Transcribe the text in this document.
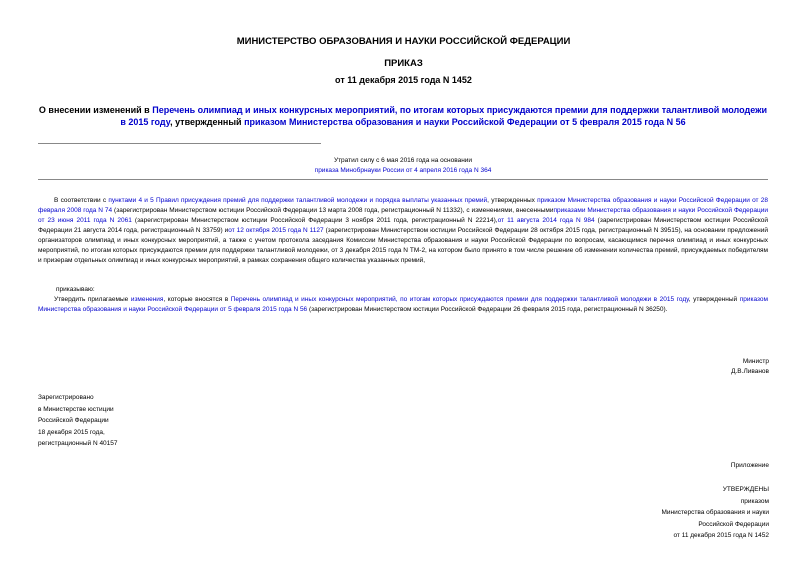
МИНИСТЕРСТВО ОБРАЗОВАНИЯ И НАУКИ РОССИЙСКОЙ ФЕДЕРАЦИИ
ПРИКАЗ
от 11 декабря 2015 года N 1452
О внесении изменений в Перечень олимпиад и иных конкурсных мероприятий, по итогам которых присуждаются премии для поддержки талантливой молодежи в 2015 году, утвержденный приказом Министерства образования и науки Российской Федерации от 5 февраля 2015 года N 56
Утратил силу с 6 мая 2016 года на основании
приказа Минобрнауки России от 4 апреля 2016 года N 364
В соответствии с пунктами 4 и 5 Правил присуждения премий для поддержки талантливой молодежи и порядка выплаты указанных премий, утвержденных приказом Министерства образования и науки Российской Федерации от 28 февраля 2008 года N 74 (зарегистрирован Министерством юстиции Российской Федерации 13 марта 2008 года, регистрационный N 11332), с изменениями, внесеннымиприказами Министерства образования и науки Российской Федерации от 23 июня 2011 года N 2061 (зарегистрирован Министерством юстиции Российской Федерации 3 ноября 2011 года, регистрационный N 22214),от 11 августа 2014 года N 984 (зарегистрирован Министерством юстиции Российской Федерации 21 августа 2014 года, регистрационный N 33759) иот 12 октября 2015 года N 1127 (зарегистрирован Министерством юстиции Российской Федерации 28 октября 2015 года, регистрационный N 39515), на основании предложений организаторов олимпиад и иных конкурсных мероприятий, а также с учетом протокола заседания Комиссии Министерства образования и науки Российской Федерации по вопросам, касающимся перечня олимпиад и иных конкурсных мероприятий, по итогам которых присуждаются премии для поддержки талантливой молодежи, от 3 декабря 2015 года N ТМ-2, на котором было принято в том числе решение об изменении количества премий, присуждаемых победителям и призерам отдельных олимпиад и иных конкурсных мероприятий, в рамках сохранения общего количества указанных премий,
приказываю:
Утвердить прилагаемые изменения, которые вносятся в Перечень олимпиад и иных конкурсных мероприятий, по итогам которых присуждаются премии для поддержки талантливой молодежи в 2015 году, утвержденный приказом Министерства образования и науки Российской Федерации от 5 февраля 2015 года N 56 (зарегистрирован Министерством юстиции Российской Федерации 26 февраля 2015 года, регистрационный N 36250).
Министр
Д.В.Ливанов
Зарегистрировано
в Министерстве юстиции
Российской Федерации
18 декабря 2015 года,
регистрационный N 40157
Приложение
УТВЕРЖДЕНЫ
приказом
Министерства образования и науки
Российской Федерации
от 11 декабря 2015 года N 1452
